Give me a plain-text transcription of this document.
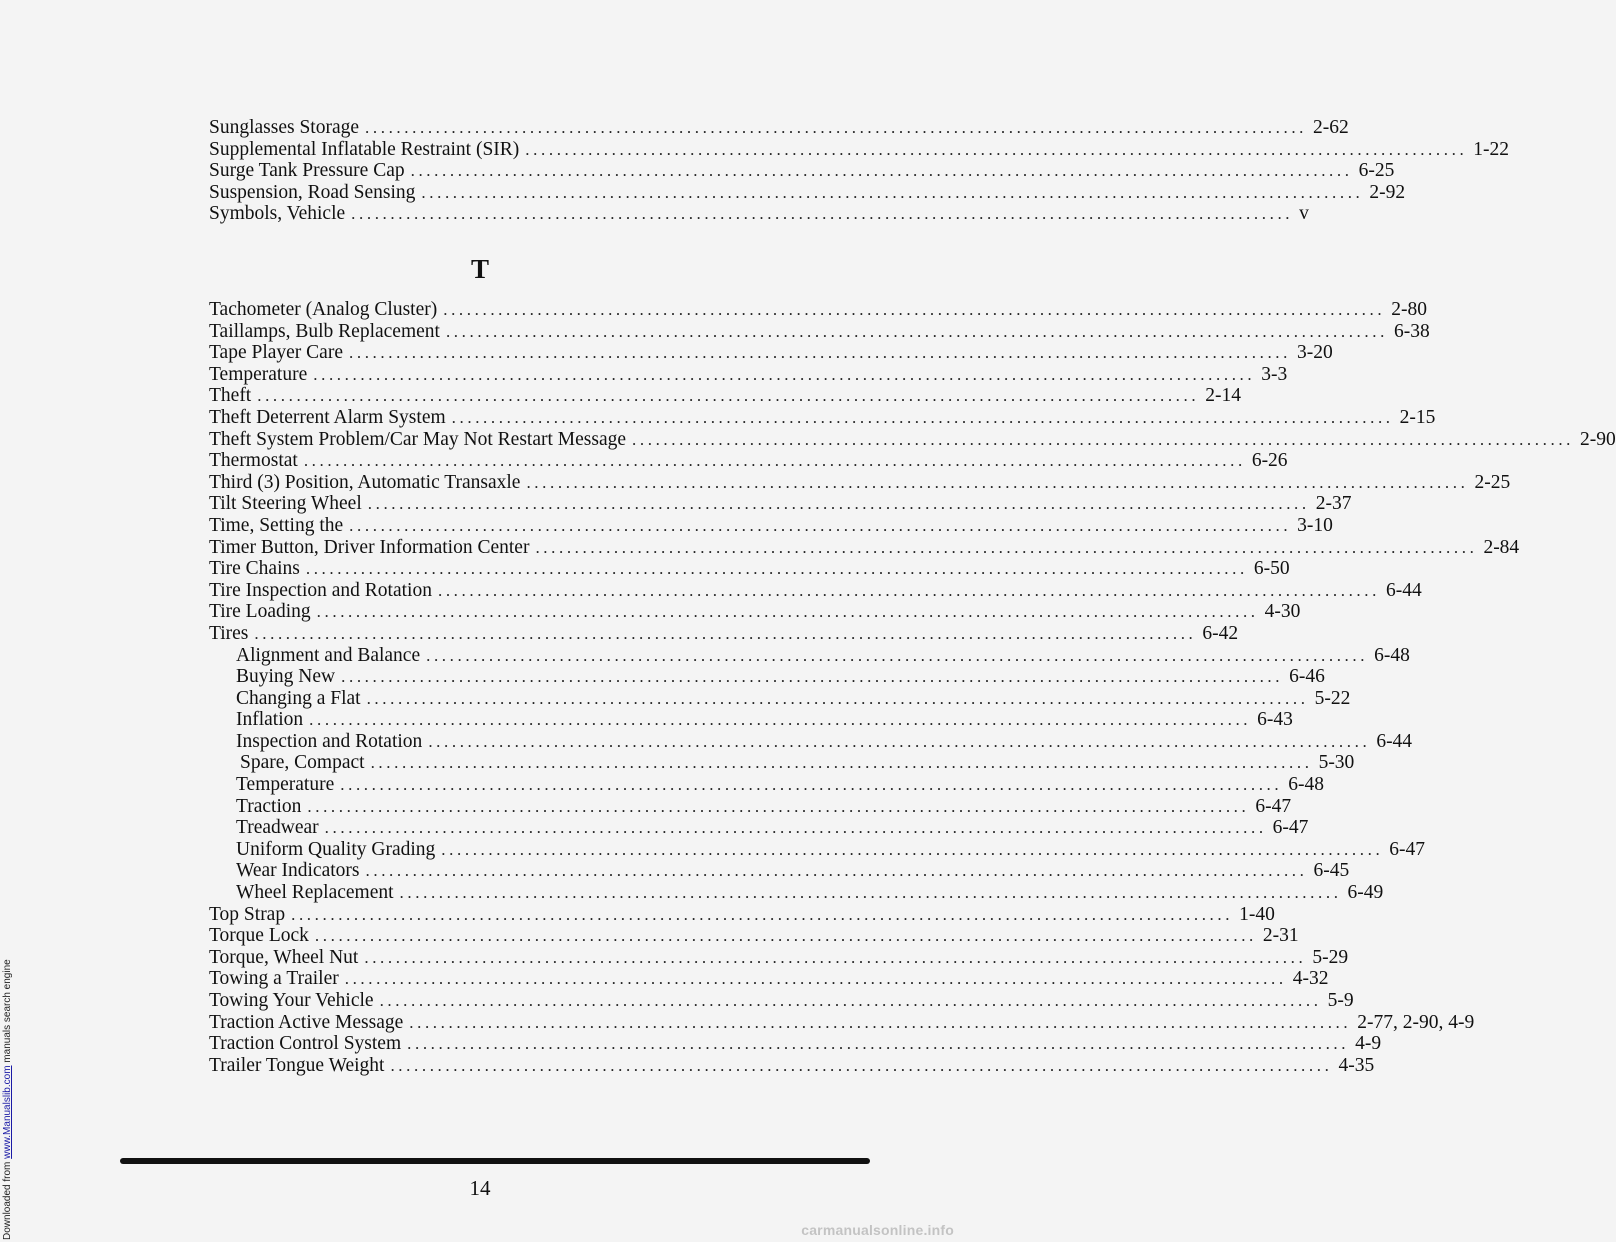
Downloaded from www.Manualslib.com manuals search engine
Sunglasses Storage ........................................................................................................................ 2-62
Supplemental Inflatable Restraint (SIR) ........................................................................................................................ 1-22
Surge Tank Pressure Cap ........................................................................................................................ 6-25
Suspension, Road Sensing ........................................................................................................................ 2-92
Symbols, Vehicle ........................................................................................................................ v
T
Tachometer (Analog Cluster) ........................................................................................................................ 2-80
Taillamps, Bulb Replacement ........................................................................................................................ 6-38
Tape Player Care ........................................................................................................................ 3-20
Temperature ........................................................................................................................ 3-3
Theft ........................................................................................................................ 2-14
Theft Deterrent Alarm System ........................................................................................................................ 2-15
Theft System Problem/Car May Not Restart Message ........................................................................................................................ 2-90
Thermostat ........................................................................................................................ 6-26
Third (3) Position, Automatic Transaxle ........................................................................................................................ 2-25
Tilt Steering Wheel ........................................................................................................................ 2-37
Time, Setting the ........................................................................................................................ 3-10
Timer Button, Driver Information Center ........................................................................................................................ 2-84
Tire Chains ........................................................................................................................ 6-50
Tire Inspection and Rotation ........................................................................................................................ 6-44
Tire Loading ........................................................................................................................ 4-30
Tires ........................................................................................................................ 6-42
Alignment and Balance ........................................................................................................................ 6-48
Buying New ........................................................................................................................ 6-46
Changing a Flat ........................................................................................................................ 5-22
Inflation ........................................................................................................................ 6-43
Inspection and Rotation ........................................................................................................................ 6-44
Spare, Compact ........................................................................................................................ 5-30
Temperature ........................................................................................................................ 6-48
Traction ........................................................................................................................ 6-47
Treadwear ........................................................................................................................ 6-47
Uniform Quality Grading ........................................................................................................................ 6-47
Wear Indicators ........................................................................................................................ 6-45
Wheel Replacement ........................................................................................................................ 6-49
Top Strap ........................................................................................................................ 1-40
Torque Lock ........................................................................................................................ 2-31
Torque, Wheel Nut ........................................................................................................................ 5-29
Towing a Trailer ........................................................................................................................ 4-32
Towing Your Vehicle ........................................................................................................................ 5-9
Traction Active Message ........................................................................................................................ 2-77, 2-90, 4-9
Traction Control System ........................................................................................................................ 4-9
Trailer Tongue Weight ........................................................................................................................ 4-35
14
carmanualsonline.info
